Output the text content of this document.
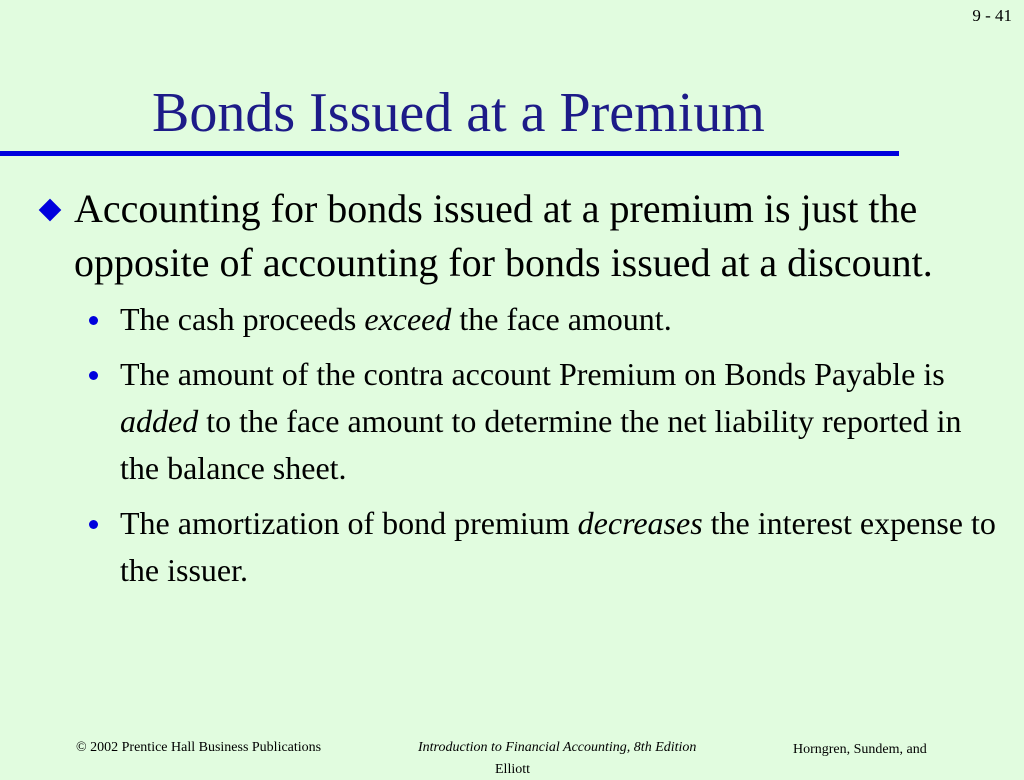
9 - 41
Bonds Issued at a Premium

Accounting for bonds issued at a premium is just the opposite of accounting for bonds issued at a discount.

The cash proceeds exceed the face amount.
The amount of the contra account Premium on Bonds Payable is added to the face amount to determine the net liability reported in the balance sheet.
The amortization of bond premium decreases the interest expense to the issuer.
© 2002 Prentice Hall Business Publications	Introduction to Financial Accounting, 8th Edition	Horngren, Sundem, and
Elliott
